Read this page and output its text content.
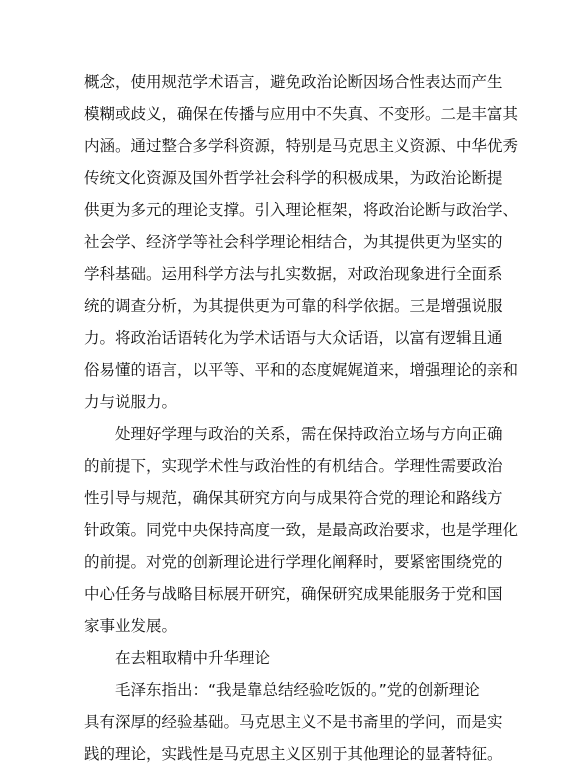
概念，使用规范学术语言，避免政治论断因场合性表达而产生
模糊或歧义，确保在传播与应用中不失真、不变形。二是丰富其
内涵。通过整合多学科资源，特别是马克思主义资源、中华优秀
传统文化资源及国外哲学社会科学的积极成果，为政治论断提
供更为多元的理论支撑。引入理论框架，将政治论断与政治学、
社会学、经济学等社会科学理论相结合，为其提供更为坚实的
学科基础。运用科学方法与扎实数据，对政治现象进行全面系
统的调查分析，为其提供更为可靠的科学依据。三是增强说服
力。将政治话语转化为学术话语与大众话语，以富有逻辑且通
俗易懂的语言，以平等、平和的态度娓娓道来，增强理论的亲和
力与说服力。
处理好学理与政治的关系，需在保持政治立场与方向正确
的前提下，实现学术性与政治性的有机结合。学理性需要政治
性引导与规范，确保其研究方向与成果符合党的理论和路线方
针政策。同党中央保持高度一致，是最高政治要求，也是学理化
的前提。对党的创新理论进行学理化阐释时，要紧密围绕党的
中心任务与战略目标展开研究，确保研究成果能服务于党和国
家事业发展。
在去粗取精中升华理论
毛泽东指出：“我是靠总结经验吃饭的。”党的创新理论
具有深厚的经验基础。马克思主义不是书斋里的学问，而是实
践的理论，实践性是马克思主义区别于其他理论的显著特征。
